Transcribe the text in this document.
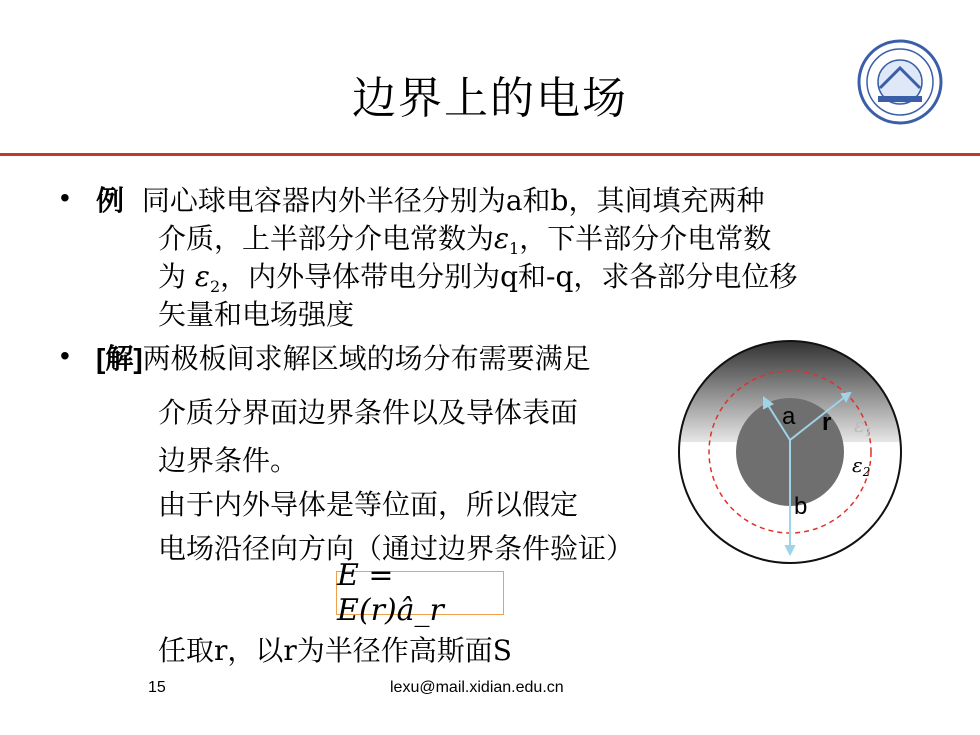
边界上的电场
• 例 同心球电容器内外半径分别为a和b，其间填充两种
介质，上半部分介电常数为$\varepsilon_1$，下半部分介电常数
为 $\varepsilon_2$，内外导体带电分别为q和-q，求各部分电位移
矢量和电场强度
• [解]两极板间求解区域的场分布需要满足
介质分界面边界条件以及导体表面
边界条件。
由于内外导体是等位面，所以假定
电场沿径向方向（通过边界条件验证）
E = E(r)â_r
任取r，以r为半径作高斯面S
a r
b
$\varepsilon_1$
$\varepsilon_2$
15	lexu@mail.xidian.edu.cn
